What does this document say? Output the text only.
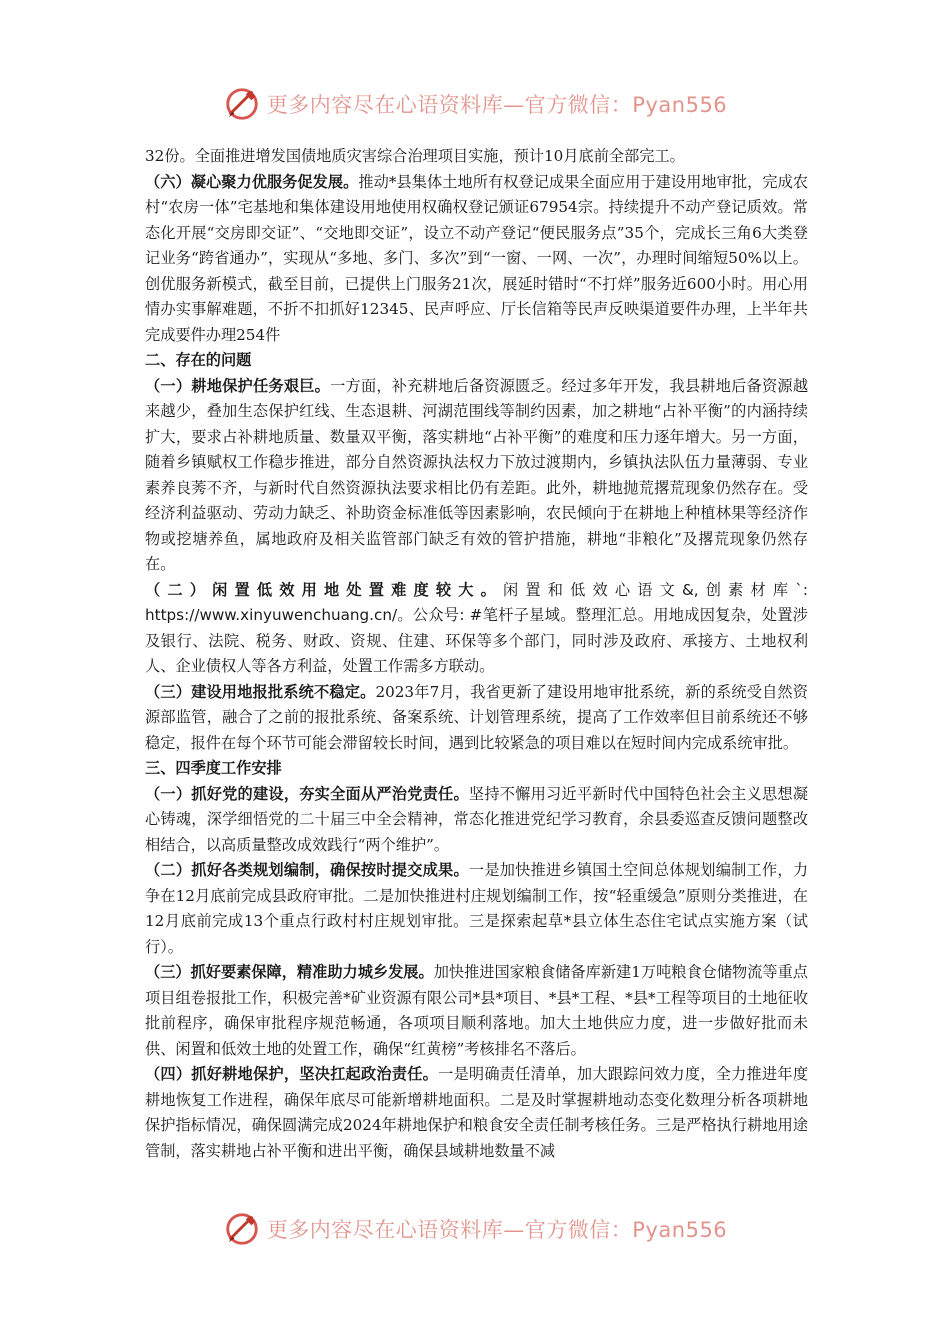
更多内容尽在心语资料库—官方微信：Pyan556

32份。全面推进增发国债地质灾害综合治理项目实施，预计10月底前全部完工。

（六）凝心聚力优服务促发展。推动*县集体土地所有权登记成果全面应用于建设用地审批，完成农村“农房一体”宅基地和集体建设用地使用权确权登记颁证67954宗。持续提升不动产登记质效。常态化开展“交房即交证”、“交地即交证”，设立不动产登记“便民服务点”35个，完成长三角6大类登记业务“跨省通办”，实现从“多地、多门、多次”到“一窗、一网、一次”，办理时间缩短50%以上。创优服务新模式，截至目前，已提供上门服务21次，展延时错时“不打烊”服务近600小时。用心用情办实事解难题，不折不扣抓好12345、民声呼应、厅长信箱等民声反映渠道要件办理，上半年共完成要件办理254件

二、存在的问题

（一）耕地保护任务艰巨。一方面，补充耕地后备资源匮乏。经过多年开发，我县耕地后备资源越来越少，叠加生态保护红线、生态退耕、河湖范围线等制约因素，加之耕地“占补平衡”的内涵持续扩大，要求占补耕地质量、数量双平衡，落实耕地“占补平衡”的难度和压力逐年增大。另一方面，随着乡镇赋权工作稳步推进，部分自然资源执法权力下放过渡期内，乡镇执法队伍力量薄弱、专业素养良莠不齐，与新时代自然资源执法要求相比仍有差距。此外，耕地抛荒撂荒现象仍然存在。受经济利益驱动、劳动力缺乏、补助资金标准低等因素影响，农民倾向于在耕地上种植林果等经济作物或挖塘养鱼，属地政府及相关监管部门缺乏有效的管护措施，耕地“非粮化”及撂荒现象仍然存在。

（二）闲置低效用地处置难度较大。闲置和低效心语文&,创素材库`: https://www.xinyuwenchuang.cn/。公众号: #笔杆子星域。整理汇总。用地成因复杂，处置涉及银行、法院、税务、财政、资规、住建、环保等多个部门，同时涉及政府、承接方、土地权利人、企业债权人等各方利益，处置工作需多方联动。

（三）建设用地报批系统不稳定。2023年7月，我省更新了建设用地审批系统，新的系统受自然资源部监管，融合了之前的报批系统、备案系统、计划管理系统，提高了工作效率但目前系统还不够稳定，报件在每个环节可能会滞留较长时间，遇到比较紧急的项目难以在短时间内完成系统审批。

三、四季度工作安排

（一）抓好党的建设，夯实全面从严治党责任。坚持不懈用习近平新时代中国特色社会主义思想凝心铸魂，深学细悟党的二十届三中全会精神，常态化推进党纪学习教育，余县委巡查反馈问题整改相结合，以高质量整改成效践行“两个维护”。

（二）抓好各类规划编制，确保按时提交成果。一是加快推进乡镇国土空间总体规划编制工作，力争在12月底前完成县政府审批。二是加快推进村庄规划编制工作，按“轻重缓急”原则分类推进，在12月底前完成13个重点行政村村庄规划审批。三是探索起草*县立体生态住宅试点实施方案（试行）。

（三）抓好要素保障，精准助力城乡发展。加快推进国家粮食储备库新建1万吨粮食仓储物流等重点项目组卷报批工作，积极完善*矿业资源有限公司*县*项目、*县*工程、*县*工程等项目的土地征收批前程序，确保审批程序规范畅通，各项项目顺利落地。加大土地供应力度，进一步做好批而未供、闲置和低效土地的处置工作，确保“红黄榜”考核排名不落后。

（四）抓好耕地保护，坚决扛起政治责任。一是明确责任清单，加大跟踪问效力度，全力推进年度耕地恢复工作进程，确保年底尽可能新增耕地面积。二是及时掌握耕地动态变化数理分析各项耕地保护指标情况，确保圆满完成2024年耕地保护和粮食安全责任制考核任务。三是严格执行耕地用途管制，落实耕地占补平衡和进出平衡，确保县域耕地数量不减

更多内容尽在心语资料库—官方微信：Pyan556
